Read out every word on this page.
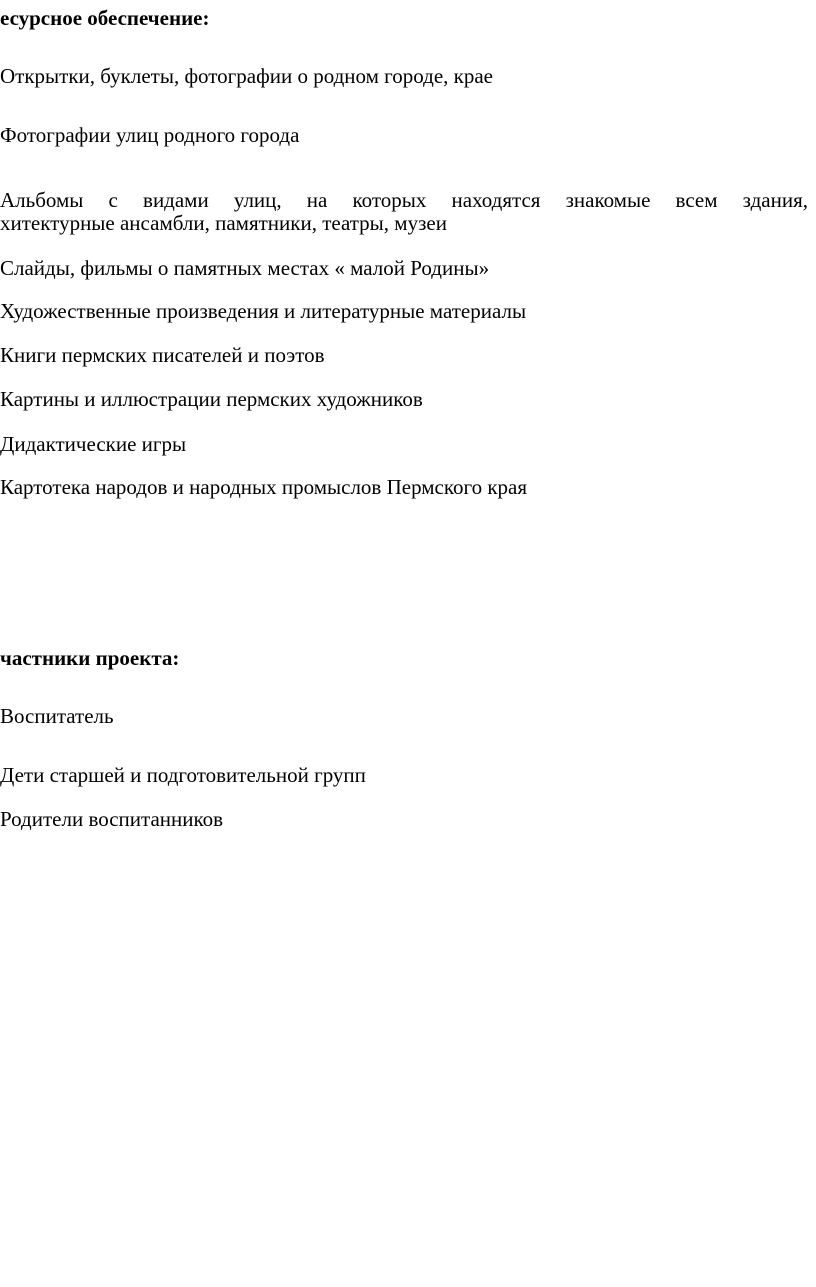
есурсное обеспечение:

Открытки, буклеты, фотографии о родном городе, крае

Фотографии улиц родного города

Альбомы с видами улиц, на которых находятся знакомые всем здания,

хитектурные ансамбли, памятники, театры, музеи

Слайды, фильмы о памятных местах « малой Родины»

Художественные произведения и литературные материалы

Книги пермских писателей и поэтов

Картины и иллюстрации пермских художников

Дидактические игры

Картотека народов и народных промыслов Пермского края

частники проекта:

Воспитатель

Дети старшей и подготовительной групп

Родители воспитанников
